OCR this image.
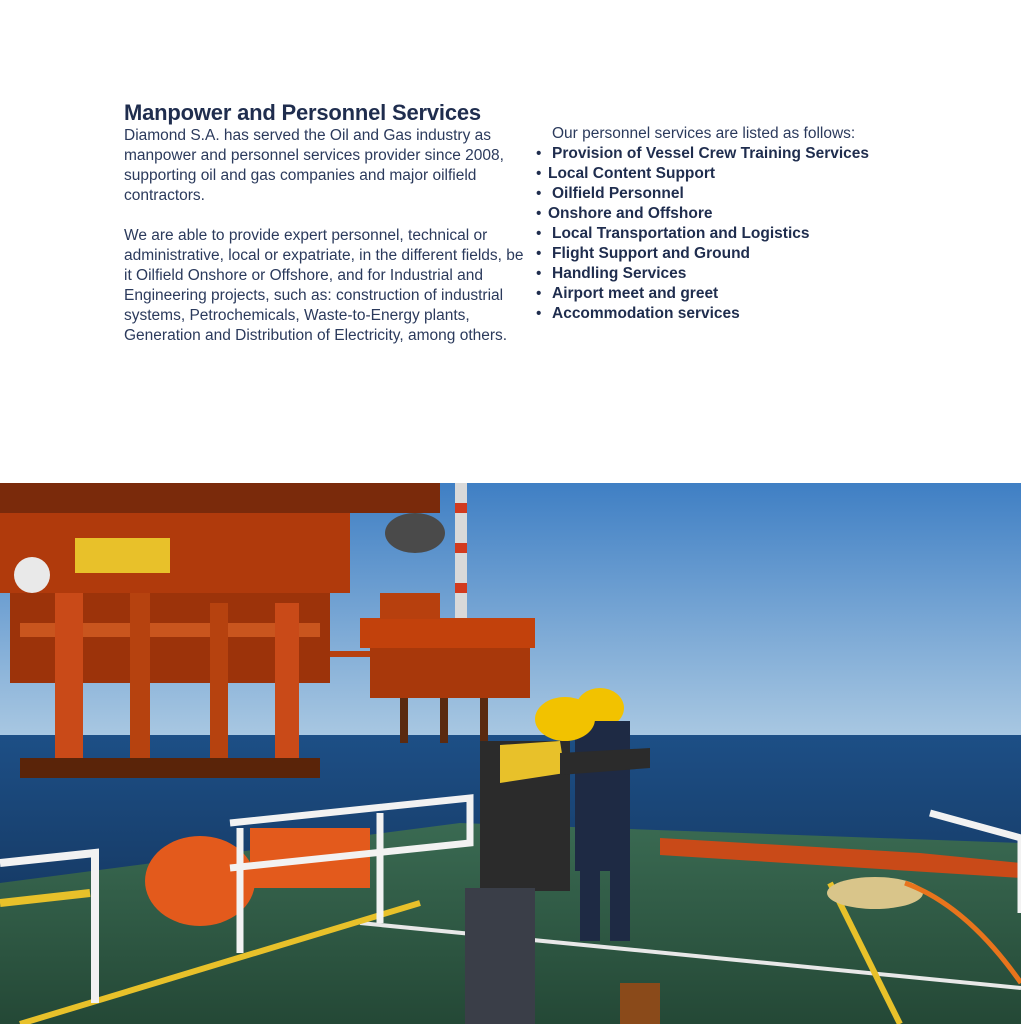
Manpower and Personnel Services

Diamond S.A. has served the Oil and Gas industry as manpower and personnel services provider since 2008, supporting oil and gas companies and major oilfield contractors.

We are able to provide expert personnel, technical or administrative, local or expatriate, in the different fields, be it Oilfield Onshore or Offshore, and for Industrial and Engineering projects, such as: construction of industrial systems, Petrochemicals, Waste-to-Energy plants, Generation and Distribution of Electricity, among others.

Our personnel services are listed as follows:

• Provision of Vessel Crew Training Services
• Local Content Support
• Oilfield Personnel
• Onshore and Offshore
• Local Transportation and Logistics
• Flight Support and Ground
• Handling Services
• Airport meet and greet
• Accommodation services
